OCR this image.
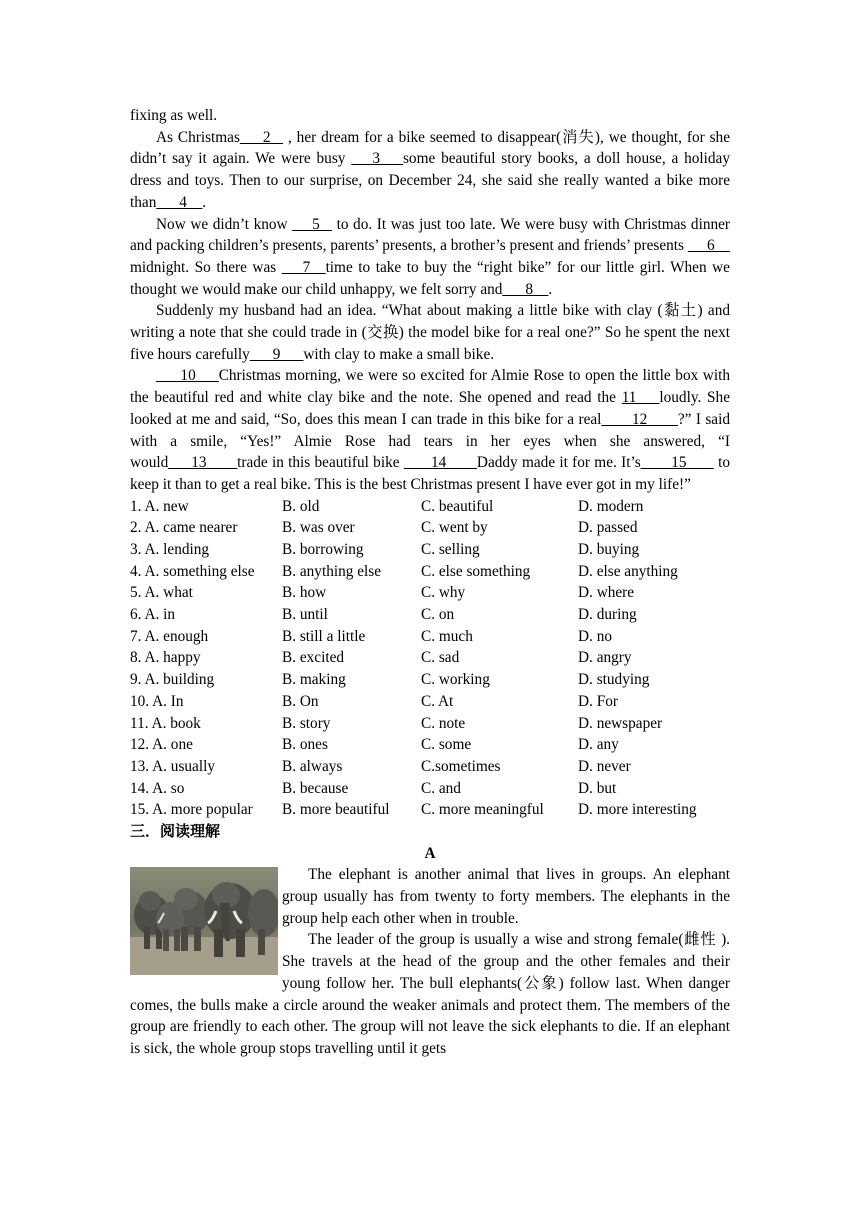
fixing as well.

As Christmas___2_  , her dream for a bike seemed to disappear(消失), we thought, for she didn’t say it again. We were busy  __3___some beautiful story books, a doll house, a holiday dress and toys. Then to our surprise, on December 24, she said she really wanted a bike more than___4__.

Now we didn’t know  __5_  to do. It was just too late. We were busy with Christmas dinner and packing children’s presents, parents’ presents, a brother’s present and friends’ presents  __6__ midnight. So there was  __7__time to take to buy the “right bike” for our little girl. When we thought we would make our child unhappy, we felt sorry and___8__.

Suddenly my husband had an idea. “What about making a little bike with clay (黏土) and writing a note that she could trade in (交换) the model bike for a real one?” So he spent the next five hours carefully___9___with clay to make a small bike.

__10___Christmas morning, we were so excited for Almie Rose to open the little box with the beautiful red and white clay bike and the note. She opened and read the 11___loudly. She looked at me and said, “So, does this mean I can trade in this bike for a real____12____?” I said with a smile, “Yes!” Almie Rose had tears in her eyes when she answered, “I would___13____trade in this beautiful bike  ___14____Daddy made it for me. It’s____15___  to keep it than to get a real bike. This is the best Christmas present I have ever got in my life!”

1. A. new	B. old	C. beautiful	D. modern
2. A. came nearer	B. was over	C. went by	D. passed
3. A. lending	B. borrowing	C. selling	D. buying
4. A. something else	B. anything else	C. else something	D. else anything
5. A. what	B. how	C. why	D. where
6. A. in	B. until	C. on	D. during
7. A. enough	B. still a little	C. much	D. no
8. A. happy	B. excited	C. sad	D. angry
9. A. building	B. making	C. working	D. studying
10. A. In	B. On	C. At	D. For
11. A. book	B. story	C. note	D. newspaper
12. A. one	B. ones	C. some	D. any
13. A. usually	B. always	C.sometimes	D. never
14. A. so	B. because	C. and	D. but
15. A. more popular	B. more beautiful	C. more meaningful	D. more interesting
三．阅读理解
A

The elephant is another animal that lives in groups. An elephant group usually has from twenty to forty members. The elephants in the group help each other when in trouble.

The leader of the group is usually a wise and strong female(雌性 ). She travels at the head of the group and the other females and their young follow her. The bull elephants(公象) follow last. When danger comes, the bulls make a circle around the weaker animals and protect them. The members of the group are friendly to each other. The group will not leave the sick elephants to die. If an elephant is sick, the whole group stops travelling until it gets
